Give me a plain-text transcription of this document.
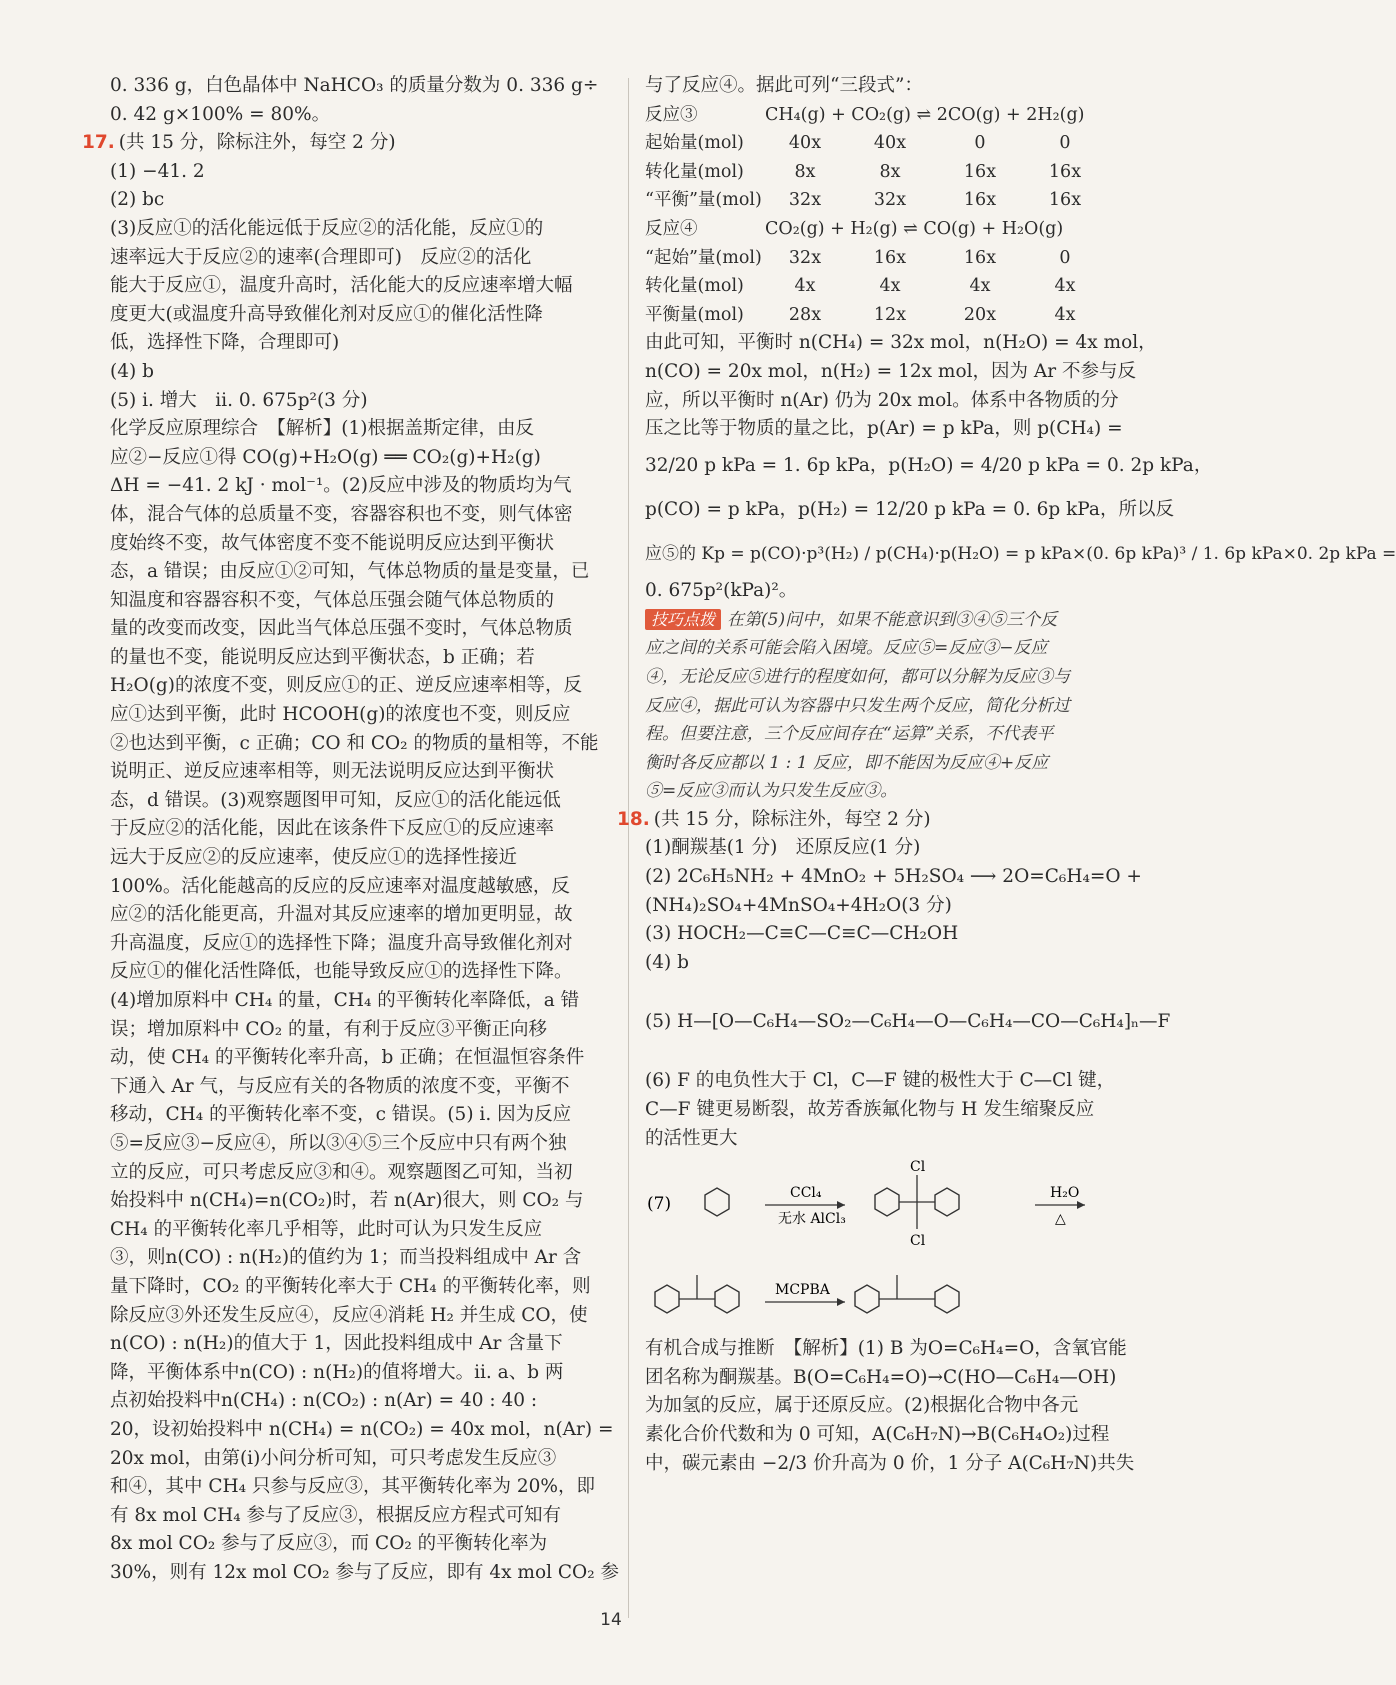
0. 336 g，白色晶体中 NaHCO₃ 的质量分数为 0. 336 g÷
0. 42 g×100% = 80%。
17. (共 15 分，除标注外，每空 2 分)
(1) −41. 2
(2) bc
(3)反应①的活化能远低于反应②的活化能，反应①的
速率远大于反应②的速率(合理即可)　反应②的活化
能大于反应①，温度升高时，活化能大的反应速率增大幅
度更大(或温度升高导致催化剂对反应①的催化活性降
低，选择性下降，合理即可)
(4) b
(5) ⅰ. 增大　ⅱ. 0. 675p²(3 分)
化学反应原理综合　【解析】(1)根据盖斯定律，由反
应②−反应①得 CO(g)+H₂O(g) ══ CO₂(g)+H₂(g)
ΔH = −41. 2 kJ · mol⁻¹。(2)反应中涉及的物质均为气
体，混合气体的总质量不变，容器容积也不变，则气体密
度始终不变，故气体密度不变不能说明反应达到平衡状
态，a 错误；由反应①②可知，气体总物质的量是变量，已
知温度和容器容积不变，气体总压强会随气体总物质的
量的改变而改变，因此当气体总压强不变时，气体总物质
的量也不变，能说明反应达到平衡状态，b 正确；若
H₂O(g)的浓度不变，则反应①的正、逆反应速率相等，反
应①达到平衡，此时 HCOOH(g)的浓度也不变，则反应
②也达到平衡，c 正确；CO 和 CO₂ 的物质的量相等，不能
说明正、逆反应速率相等，则无法说明反应达到平衡状
态，d 错误。(3)观察题图甲可知，反应①的活化能远低
于反应②的活化能，因此在该条件下反应①的反应速率
远大于反应②的反应速率，使反应①的选择性接近
100%。活化能越高的反应的反应速率对温度越敏感，反
应②的活化能更高，升温对其反应速率的增加更明显，故
升高温度，反应①的选择性下降；温度升高导致催化剂对
反应①的催化活性降低，也能导致反应①的选择性下降。
(4)增加原料中 CH₄ 的量，CH₄ 的平衡转化率降低，a 错
误；增加原料中 CO₂ 的量，有利于反应③平衡正向移
动，使 CH₄ 的平衡转化率升高，b 正确；在恒温恒容条件
下通入 Ar 气，与反应有关的各物质的浓度不变，平衡不
移动，CH₄ 的平衡转化率不变，c 错误。(5) ⅰ. 因为反应
⑤=反应③−反应④，所以③④⑤三个反应中只有两个独
立的反应，可只考虑反应③和④。观察题图乙可知，当初
始投料中 n(CH₄)=n(CO₂)时，若 n(Ar)很大，则 CO₂ 与
CH₄ 的平衡转化率几乎相等，此时可认为只发生反应
③，则n(CO) : n(H₂)的值约为 1；而当投料组成中 Ar 含
量下降时，CO₂ 的平衡转化率大于 CH₄ 的平衡转化率，则
除反应③外还发生反应④，反应④消耗 H₂ 并生成 CO，使
n(CO) : n(H₂)的值大于 1，因此投料组成中 Ar 含量下
降，平衡体系中n(CO) : n(H₂)的值将增大。ⅱ. a、b 两
点初始投料中n(CH₄) : n(CO₂) : n(Ar) = 40 : 40 :
20，设初始投料中 n(CH₄) = n(CO₂) = 40x mol，n(Ar) =
20x mol，由第(ⅰ)小问分析可知，可只考虑发生反应③
和④，其中 CH₄ 只参与反应③，其平衡转化率为 20%，即
有 8x mol CH₄ 参与了反应③，根据反应方程式可知有
8x mol CO₂ 参与了反应③，而 CO₂ 的平衡转化率为
30%，则有 12x mol CO₂ 参与了反应，即有 4x mol CO₂ 参
与了反应④。据此可列“三段式”：
反应③	CH₄(g) + CO₂(g) ⇌ 2CO(g) + 2H₂(g)
起始量(mol)	40x	40x	0	0
转化量(mol)	8x	8x	16x	16x
“平衡”量(mol)	32x	32x	16x	16x
反应④	CO₂(g) + H₂(g) ⇌ CO(g) + H₂O(g)
“起始”量(mol)	32x	16x	16x	0
转化量(mol)	4x	4x	4x	4x
平衡量(mol)	28x	12x	20x	4x
由此可知，平衡时 n(CH₄) = 32x mol，n(H₂O) = 4x mol，
n(CO) = 20x mol，n(H₂) = 12x mol，因为 Ar 不参与反
应，所以平衡时 n(Ar) 仍为 20x mol。体系中各物质的分
压之比等于物质的量之比，p(Ar) = p kPa，则 p(CH₄) =
32/20 p kPa = 1. 6p kPa，p(H₂O) = 4/20 p kPa = 0. 2p kPa，
p(CO) = p kPa，p(H₂) = 12/20 p kPa = 0. 6p kPa，所以反
应⑤的 Kp = p(CO)·p³(H₂) / p(CH₄)·p(H₂O) = p kPa×(0. 6p kPa)³ / 1. 6p kPa×0. 2p kPa =
0. 675p²(kPa)²。
技巧点拨 在第(5)问中，如果不能意识到③④⑤三个反
应之间的关系可能会陷入困境。反应⑤=反应③−反应
④，无论反应⑤进行的程度如何，都可以分解为反应③与
反应④，据此可认为容器中只发生两个反应，简化分析过
程。但要注意，三个反应间存在“运算”关系，不代表平
衡时各反应都以 1 : 1 反应，即不能因为反应④+反应
⑤=反应③而认为只发生反应③。
18. (共 15 分，除标注外，每空 2 分)
(1)酮羰基(1 分)　还原反应(1 分)
(2) 2C₆H₅NH₂ + 4MnO₂ + 5H₂SO₄ ⟶ 2O=C₆H₄=O +
(NH₄)₂SO₄+4MnSO₄+4H₂O(3 分)
(3) HOCH₂—C≡C—C≡C—CH₂OH
(4) b
(5) H—[O—C₆H₄—SO₂—C₆H₄—O—C₆H₄—CO—C₆H₄]ₙ—F
(6) F 的电负性大于 Cl，C—F 键的极性大于 C—Cl 键，
C—F 键更易断裂，故芳香族氟化物与 H 发生缩聚反应
的活性更大
(7)
CCl₄
无水 AlCl₃
Cl
Cl
H₂O
△
MCPBA
有机合成与推断　【解析】(1) B 为O=C₆H₄=O，含氧官能
团名称为酮羰基。B(O=C₆H₄=O)→C(HO—C₆H₄—OH)
为加氢的反应，属于还原反应。(2)根据化合物中各元
素化合价代数和为 0 可知，A(C₆H₇N)→B(C₆H₄O₂)过程
中，碳元素由 −2/3 价升高为 0 价，1 分子 A(C₆H₇N)共失
14
